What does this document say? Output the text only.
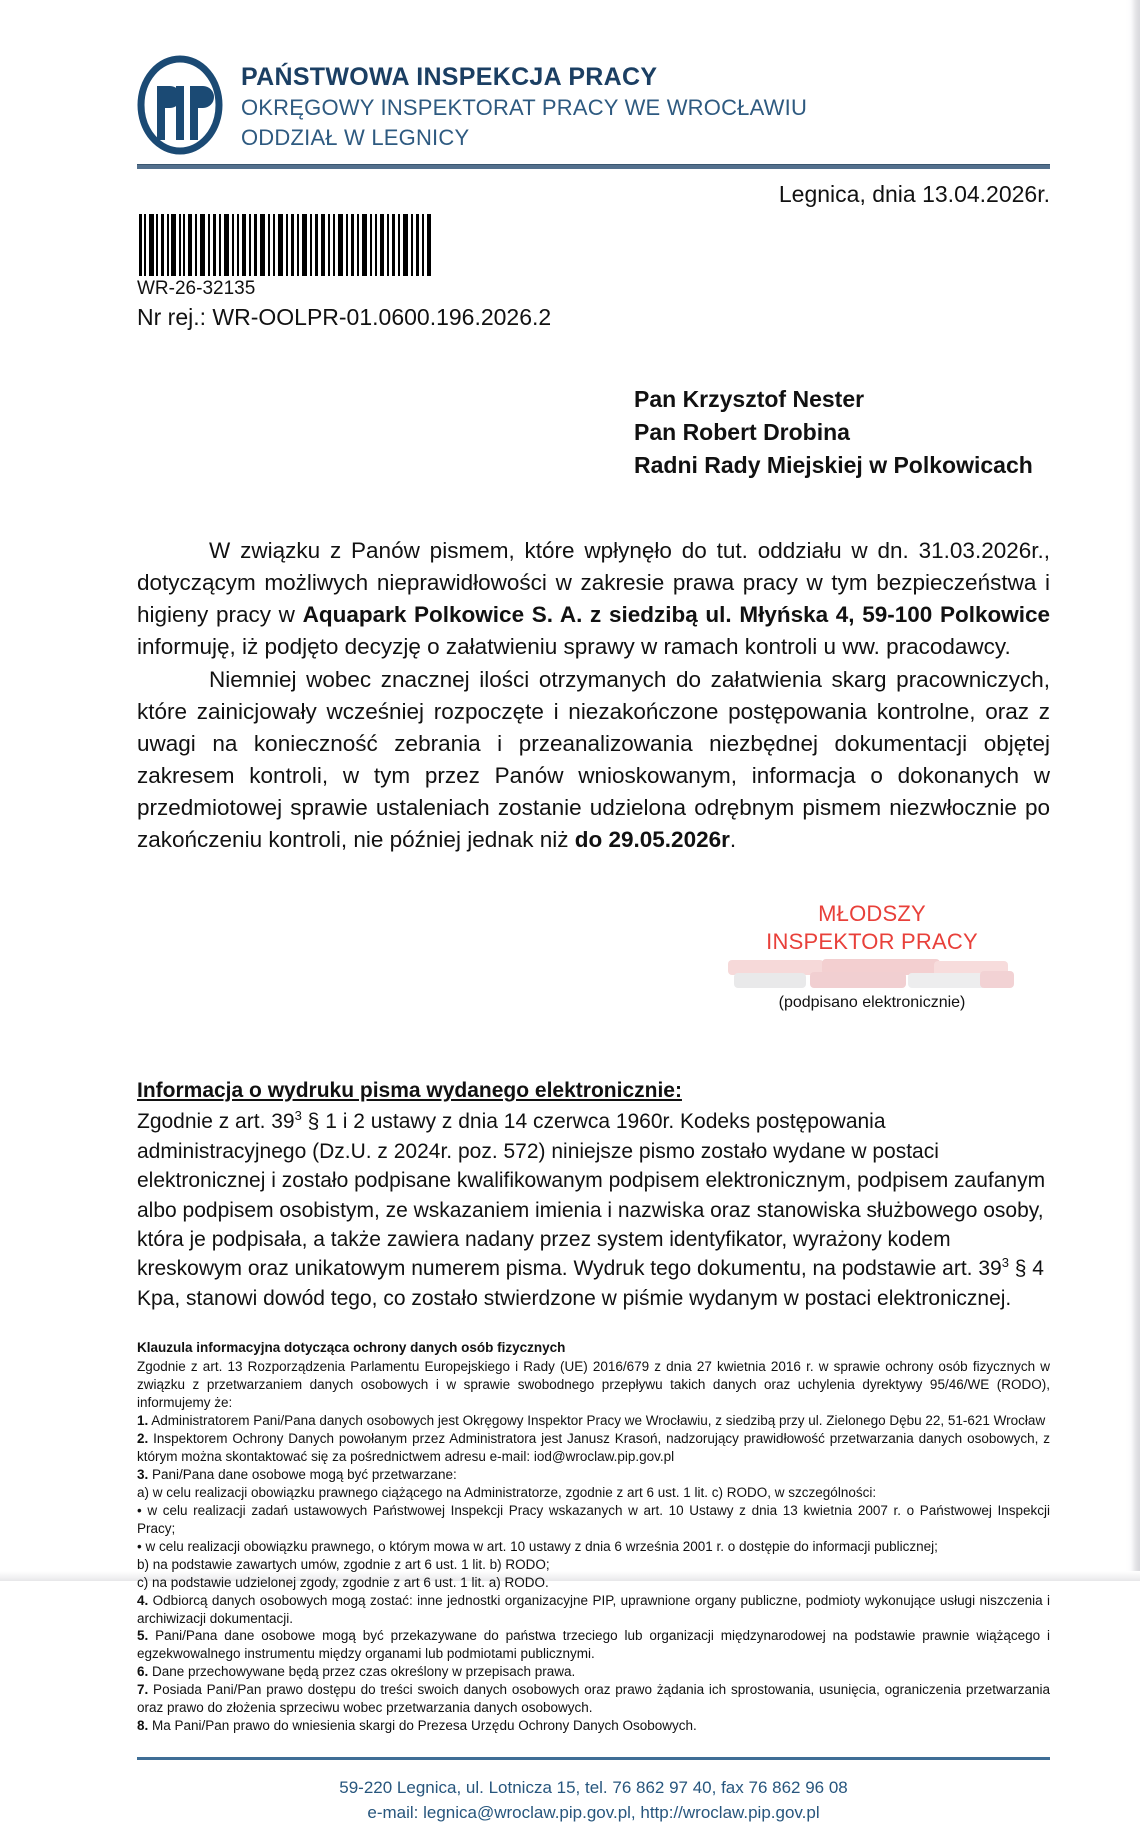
PAŃSTWOWA INSPEKCJA PRACY
OKRĘGOWY INSPEKTORAT PRACY WE WROCŁAWIU
ODDZIAŁ W LEGNICY
Legnica, dnia 13.04.2026r.
WR-26-32135
Nr rej.: WR-OOLPR-01.0600.196.2026.2
Pan Krzysztof Nester
Pan Robert Drobina
Radni Rady Miejskiej w Polkowicach

W związku z Panów pismem, które wpłynęło do tut. oddziału w dn. 31.03.2026r., dotyczącym możliwych nieprawidłowości w zakresie prawa pracy w tym bezpieczeństwa i higieny pracy w Aquapark Polkowice S. A. z siedzibą ul. Młyńska 4, 59-100 Polkowice informuję, iż podjęto decyzję o załatwieniu sprawy w ramach kontroli u ww. pracodawcy.

Niemniej wobec znacznej ilości otrzymanych do załatwienia skarg pracowniczych, które zainicjowały wcześniej rozpoczęte i niezakończone postępowania kontrolne, oraz z uwagi na konieczność zebrania i przeanalizowania niezbędnej dokumentacji objętej zakresem kontroli, w tym przez Panów wnioskowanym, informacja o dokonanych w przedmiotowej sprawie ustaleniach zostanie udzielona odrębnym pismem niezwłocznie po zakończeniu kontroli, nie później jednak niż do 29.05.2026r.

MŁODSZY
INSPEKTOR PRACY
(podpisano elektronicznie)
Informacja o wydruku pisma wydanego elektronicznie:
Zgodnie z art. $39^3$ § 1 i 2 ustawy z dnia 14 czerwca 1960r. Kodeks postępowania administracyjnego (Dz.U. z 2024r. poz. 572) niniejsze pismo zostało wydane w postaci elektronicznej i zostało podpisane kwalifikowanym podpisem elektronicznym, podpisem zaufanym albo podpisem osobistym, ze wskazaniem imienia i nazwiska oraz stanowiska służbowego osoby, która je podpisała, a także zawiera nadany przez system identyfikator, wyrażony kodem kreskowym oraz unikatowym numerem pisma. Wydruk tego dokumentu, na podstawie art. $39^3$ § 4 Kpa, stanowi dowód tego, co zostało stwierdzone w piśmie wydanym w postaci elektronicznej.
Klauzula informacyjna dotycząca ochrony danych osób fizycznych

Zgodnie z art. 13 Rozporządzenia Parlamentu Europejskiego i Rady (UE) 2016/679 z dnia 27 kwietnia 2016 r. w sprawie ochrony osób fizycznych w związku z przetwarzaniem danych osobowych i w sprawie swobodnego przepływu takich danych oraz uchylenia dyrektywy 95/46/WE (RODO), informujemy że:

1. Administratorem Pani/Pana danych osobowych jest Okręgowy Inspektor Pracy we Wrocławiu, z siedzibą przy ul. Zielonego Dębu 22, 51-621 Wrocław

2. Inspektorem Ochrony Danych powołanym przez Administratora jest Janusz Krasoń, nadzorujący prawidłowość przetwarzania danych osobowych, z którym można skontaktować się za pośrednictwem adresu e-mail: iod@wroclaw.pip.gov.pl

3. Pani/Pana dane osobowe mogą być przetwarzane:

a) w celu realizacji obowiązku prawnego ciążącego na Administratorze, zgodnie z art 6 ust. 1 lit. c) RODO, w szczególności:

• w celu realizacji zadań ustawowych Państwowej Inspekcji Pracy wskazanych w art. 10 Ustawy z dnia 13 kwietnia 2007 r. o Państwowej Inspekcji Pracy;

• w celu realizacji obowiązku prawnego, o którym mowa w art. 10 ustawy z dnia 6 września 2001 r. o dostępie do informacji publicznej;

b) na podstawie zawartych umów, zgodnie z art 6 ust. 1 lit. b) RODO;

c) na podstawie udzielonej zgody, zgodnie z art 6 ust. 1 lit. a) RODO.

4. Odbiorcą danych osobowych mogą zostać: inne jednostki organizacyjne PIP, uprawnione organy publiczne, podmioty wykonujące usługi niszczenia i archiwizacji dokumentacji.

5. Pani/Pana dane osobowe mogą być przekazywane do państwa trzeciego lub organizacji międzynarodowej na podstawie prawnie wiążącego i egzekwowalnego instrumentu między organami lub podmiotami publicznymi.

6. Dane przechowywane będą przez czas określony w przepisach prawa.

7. Posiada Pani/Pan prawo dostępu do treści swoich danych osobowych oraz prawo żądania ich sprostowania, usunięcia, ograniczenia przetwarzania oraz prawo do złożenia sprzeciwu wobec przetwarzania danych osobowych.

8. Ma Pani/Pan prawo do wniesienia skargi do Prezesa Urzędu Ochrony Danych Osobowych.

59-220 Legnica, ul. Lotnicza 15, tel. 76 862 97 40, fax 76 862 96 08
e-mail: legnica@wroclaw.pip.gov.pl, http://wroclaw.pip.gov.pl
